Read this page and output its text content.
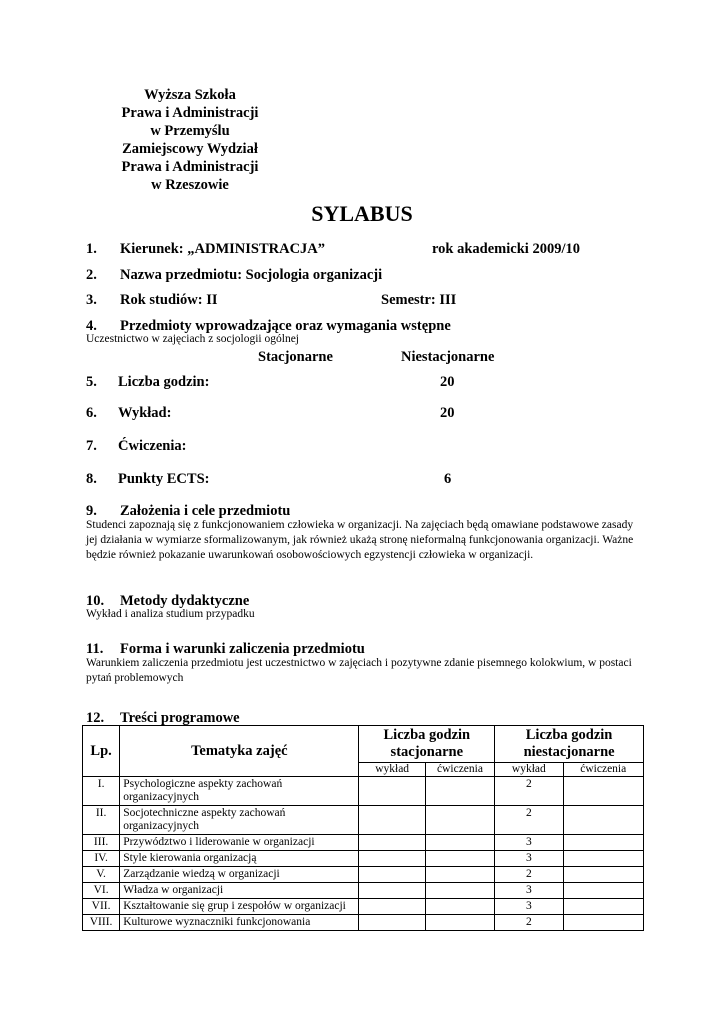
Wyższa Szkoła
Prawa i Administracji
w Przemyślu
Zamiejscowy Wydział
Prawa i Administracji
w Rzeszowie
SYLABUS
1. Kierunek: „ADMINISTRACJA”	rok akademicki 2009/10
2. Nazwa przedmiotu: Socjologia organizacji
3. Rok studiów: II	Semestr: III
4. Przedmioty wprowadzające oraz wymagania wstępne
Uczestnictwo w zajęciach z socjologii ogólnej
Stacjonarne	Niestacjonarne
5. Liczba godzin:	20
6. Wykład:	20
7. Ćwiczenia:
8. Punkty ECTS:	6
9. Założenia i cele przedmiotu
Studenci zapoznają się z funkcjonowaniem człowieka w organizacji. Na zajęciach będą omawiane podstawowe zasady jej działania w wymiarze sformalizowanym, jak również ukażą stronę nieformalną funkcjonowania organizacji. Ważne będzie również pokazanie uwarunkowań osobowościowych egzystencji człowieka w organizacji.
10. Metody dydaktyczne
Wykład i analiza studium przypadku
11. Forma i warunki zaliczenia przedmiotu
Warunkiem zaliczenia przedmiotu jest uczestnictwo w zajęciach i pozytywne zdanie pisemnego kolokwium, w postaci pytań problemowych
12. Treści programowe
Lp.	Tematyka zajęć	Liczba godzin stacjonarne		Liczba godzin niestacjonarne	
		wykład	ćwiczenia	wykład	ćwiczenia
I.	Psychologiczne aspekty zachowań organizacyjnych			2	
II.	Socjotechniczne aspekty zachowań organizacyjnych			2	
III.	Przywództwo i liderowanie w organizacji			3	
IV.	Style kierowania organizacją			3	
V.	Zarządzanie wiedzą w organizacji			2	
VI.	Władza w organizacji			3	
VII.	Kształtowanie się grup i zespołów w organizacji			3	
VIII.	Kulturowe wyznaczniki funkcjonowania			2	
